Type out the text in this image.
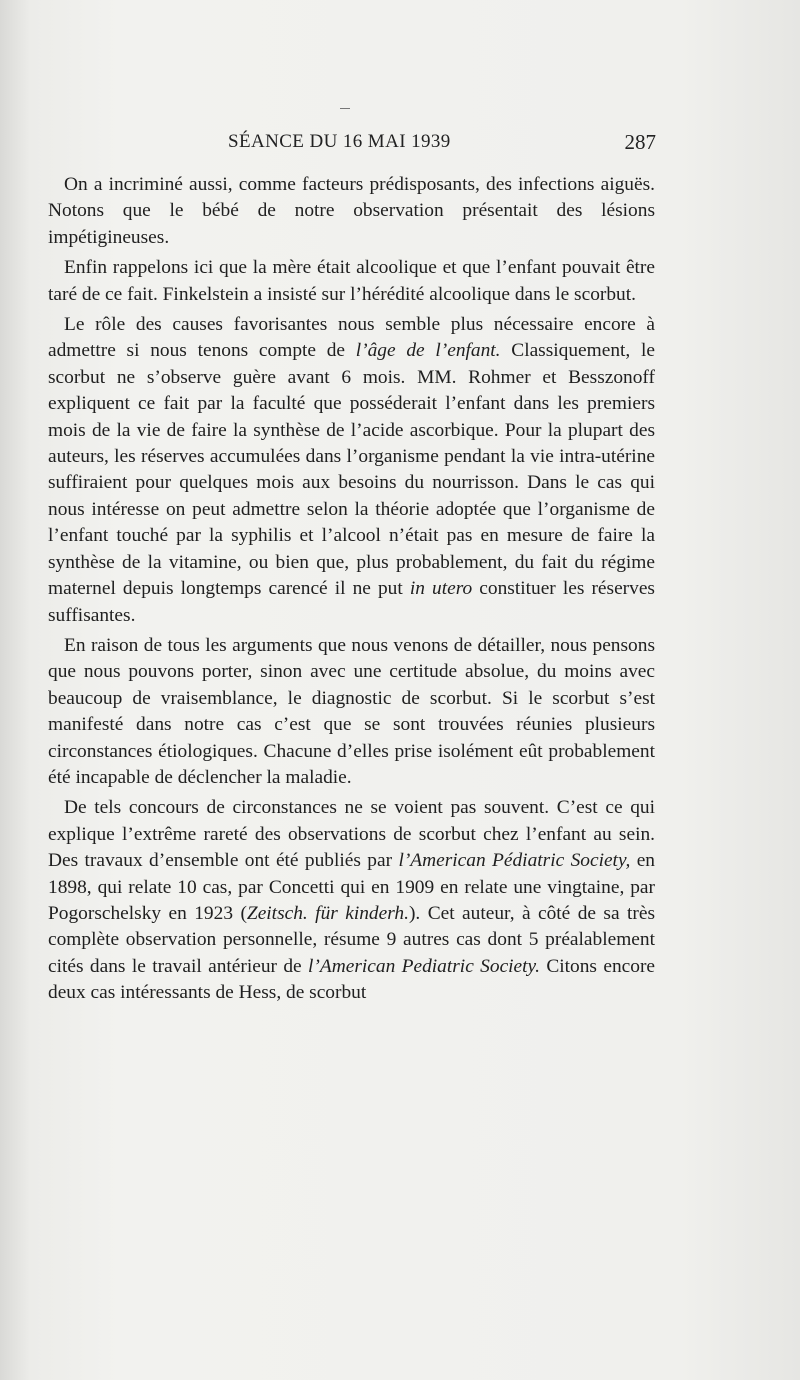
SÉANCE DU 16 MAI 1939	287

On a incriminé aussi, comme facteurs prédisposants, des infections aiguës. Notons que le bébé de notre observation présentait des lésions impétigineuses.

Enfin rappelons ici que la mère était alcoolique et que l’enfant pouvait être taré de ce fait. Finkelstein a insisté sur l’hérédité alcoolique dans le scorbut.

Le rôle des causes favorisantes nous semble plus nécessaire encore à admettre si nous tenons compte de l’âge de l’enfant. Classiquement, le scorbut ne s’observe guère avant 6 mois. MM. Rohmer et Besszonoff expliquent ce fait par la faculté que posséderait l’enfant dans les premiers mois de la vie de faire la synthèse de l’acide ascorbique. Pour la plupart des auteurs, les réserves accumulées dans l’organisme pendant la vie intra-utérine suffiraient pour quelques mois aux besoins du nourrisson. Dans le cas qui nous intéresse on peut admettre selon la théorie adoptée que l’organisme de l’enfant touché par la syphilis et l’alcool n’était pas en mesure de faire la synthèse de la vitamine, ou bien que, plus probablement, du fait du régime maternel depuis longtemps carencé il ne put in utero constituer les réserves suffisantes.

En raison de tous les arguments que nous venons de détailler, nous pensons que nous pouvons porter, sinon avec une certitude absolue, du moins avec beaucoup de vraisemblance, le diagnostic de scorbut. Si le scorbut s’est manifesté dans notre cas c’est que se sont trouvées réunies plusieurs circonstances étiologiques. Chacune d’elles prise isolément eût probablement été incapable de déclencher la maladie.

De tels concours de circonstances ne se voient pas souvent. C’est ce qui explique l’extrême rareté des observations de scorbut chez l’enfant au sein. Des travaux d’ensemble ont été publiés par l’American Pédiatric Society, en 1898, qui relate 10 cas, par Concetti qui en 1909 en relate une vingtaine, par Pogorschelsky en 1923 (Zeitsch. für kinderh.). Cet auteur, à côté de sa très complète observation personnelle, résume 9 autres cas dont 5 préalablement cités dans le travail antérieur de l’American Pediatric Society. Citons encore deux cas intéressants de Hess, de scorbut
